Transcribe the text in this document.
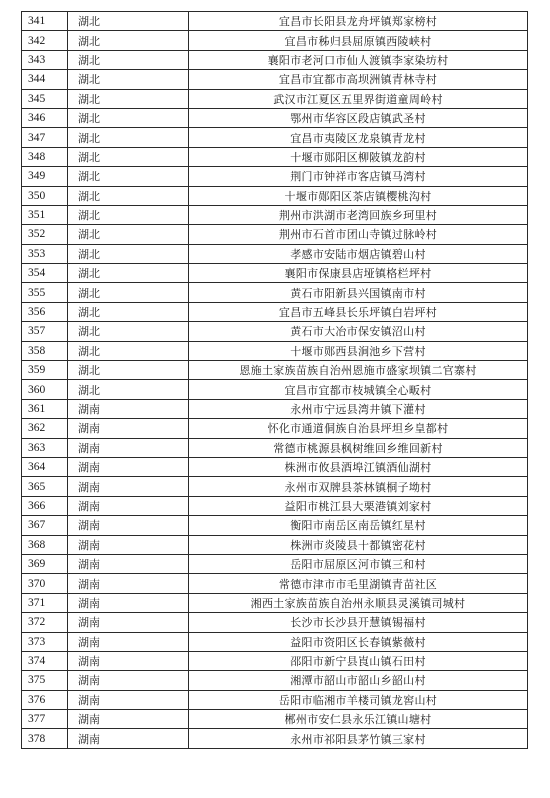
341	湖北	宜昌市长阳县龙舟坪镇郑家榜村
342	湖北	宜昌市秭归县屈原镇西陵峡村
343	湖北	襄阳市老河口市仙人渡镇李家染坊村
344	湖北	宜昌市宜都市高坝洲镇青林寺村
345	湖北	武汉市江夏区五里界街道童周岭村
346	湖北	鄂州市华容区段店镇武圣村
347	湖北	宜昌市夷陵区龙泉镇青龙村
348	湖北	十堰市郧阳区柳陂镇龙韵村
349	湖北	荆门市钟祥市客店镇马湾村
350	湖北	十堰市郧阳区茶店镇樱桃沟村
351	湖北	荆州市洪湖市老湾回族乡珂里村
352	湖北	荆州市石首市团山寺镇过脉岭村
353	湖北	孝感市安陆市烟店镇碧山村
354	湖北	襄阳市保康县店垭镇格栏坪村
355	湖北	黄石市阳新县兴国镇南市村
356	湖北	宜昌市五峰县长乐坪镇白岩坪村
357	湖北	黄石市大冶市保安镇沼山村
358	湖北	十堰市郧西县涧池乡下营村
359	湖北	恩施土家族苗族自治州恩施市盛家坝镇二官寨村
360	湖北	宜昌市宜都市枝城镇全心畈村
361	湖南	永州市宁远县湾井镇下灌村
362	湖南	怀化市通道侗族自治县坪坦乡皇都村
363	湖南	常德市桃源县枫树维回乡维回新村
364	湖南	株洲市攸县酒埠江镇酒仙湖村
365	湖南	永州市双牌县茶林镇桐子坳村
366	湖南	益阳市桃江县大栗港镇刘家村
367	湖南	衡阳市南岳区南岳镇红星村
368	湖南	株洲市炎陵县十都镇密花村
369	湖南	岳阳市屈原区河市镇三和村
370	湖南	常德市津市市毛里湖镇青苗社区
371	湖南	湘西土家族苗族自治州永顺县灵溪镇司城村
372	湖南	长沙市长沙县开慧镇锡福村
373	湖南	益阳市资阳区长春镇紫薇村
374	湖南	邵阳市新宁县崀山镇石田村
375	湖南	湘潭市韶山市韶山乡韶山村
376	湖南	岳阳市临湘市羊楼司镇龙窖山村
377	湖南	郴州市安仁县永乐江镇山塘村
378	湖南	永州市祁阳县茅竹镇三家村
